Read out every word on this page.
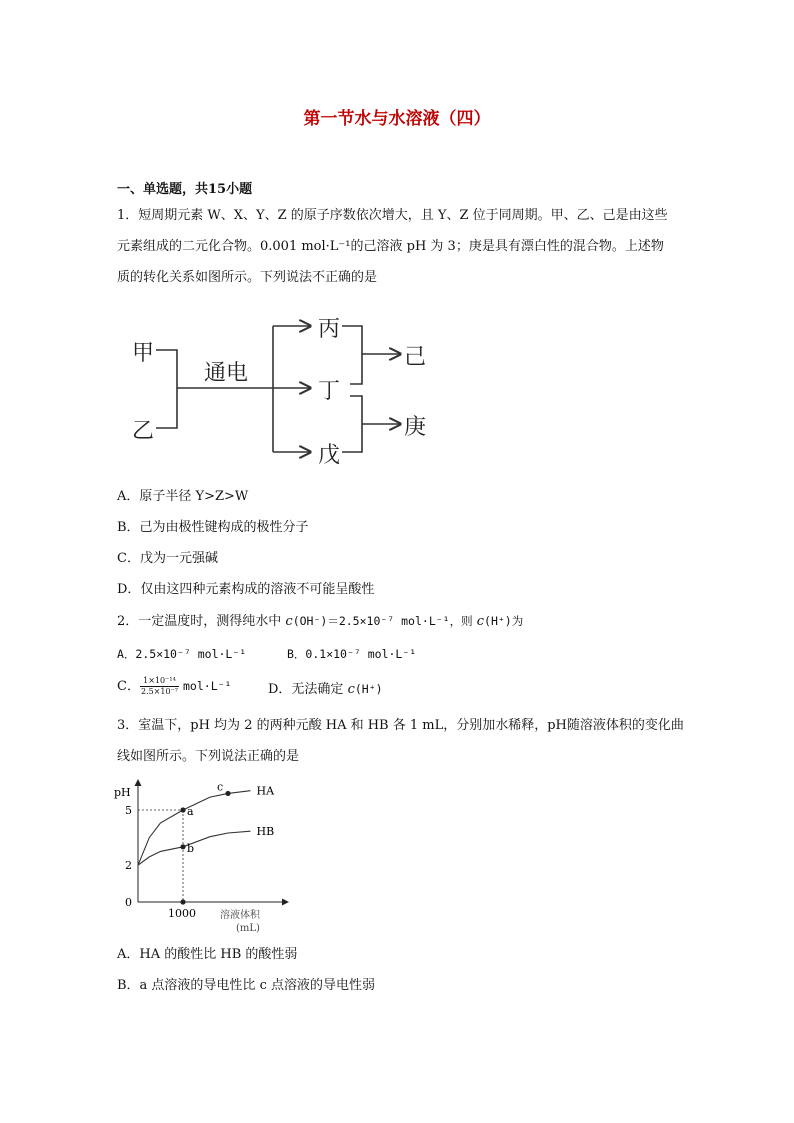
第一节水与水溶液（四）
一、单选题，共15小题
1．短周期元素 W、X、Y、Z 的原子序数依次增大，且 Y、Z 位于同周期。甲、乙、己是由这些
元素组成的二元化合物。0.001 mol·L⁻¹的己溶液 pH 为 3；庚是具有漂白性的混合物。上述物
质的转化关系如图所示。下列说法不正确的是
甲
乙
通电
丙
丁
戊
己
庚
A．原子半径 Y>Z>W
B．己为由极性键构成的极性分子
C．戊为一元强碱
D．仅由这四种元素构成的溶液不可能呈酸性
2．一定温度时，测得纯水中 c(OH⁻)＝2.5×10⁻⁷ mol·L⁻¹，则 c(H⁺)为
A．2.5×10⁻⁷ mol·L⁻¹	B．0.1×10⁻⁷ mol·L⁻¹
C． $\frac{\text{1×10⁻¹⁴}}{\text{2.5×10⁻⁷}} mol\cdot L^{-1}$	D．无法确定 c(H⁺)
3．室温下，pH 均为 2 的两种元酸 HA 和 HB 各 1 mL，分别加水稀释，pH随溶液体积的变化曲
线如图所示。下列说法正确的是
pH
溶液体积
(mL)
0
2
5
1000
HA
HB
a
b
c
A．HA 的酸性比 HB 的酸性弱
B．a 点溶液的导电性比 c 点溶液的导电性弱
